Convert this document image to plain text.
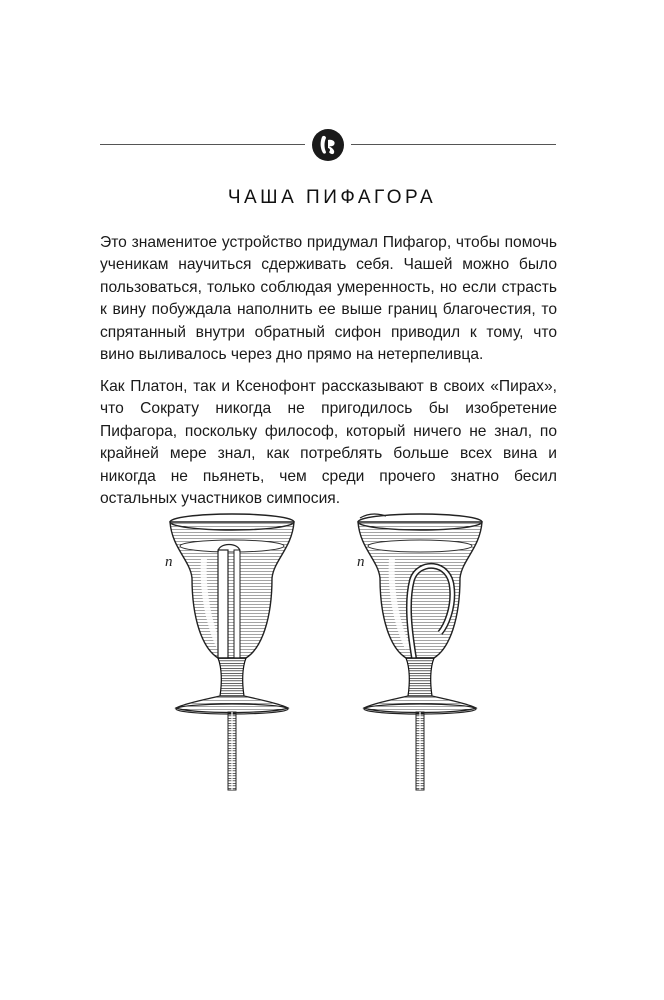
ЧАША ПИФАГОРА

Это знаменитое устройство придумал Пифагор, чтобы помочь ученикам научиться сдерживать себя. Чашей можно было пользоваться, только соблюдая умеренность, но если страсть к вину побуждала наполнить ее выше границ благочестия, то спрятанный внутри обратный сифон приводил к тому, что вино выливалось через дно прямо на нетерпеливца.

Как Платон, так и Ксенофонт рассказывают в своих «Пирах», что Сократу никогда не пригодилось бы изобретение Пифагора, поскольку философ, который ничего не знал, по крайней мере знал, как потреблять больше всех вина и никогда не пьянеть, чем среди прочего знатно бесил остальных участников симпосия.

n	n
